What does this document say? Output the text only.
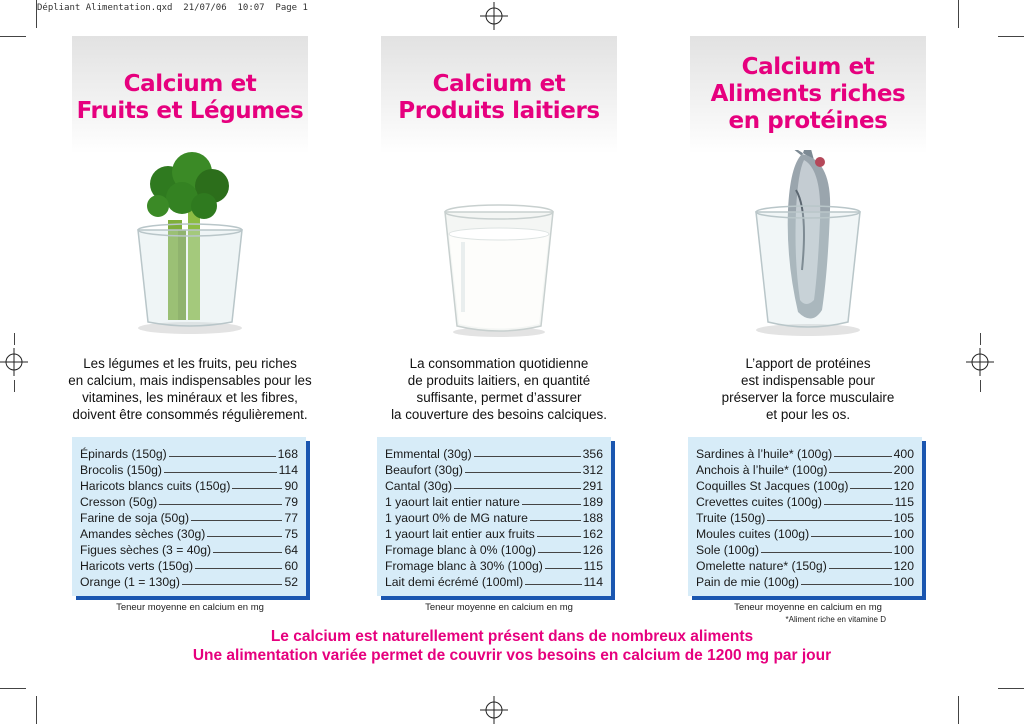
Dépliant Alimentation.qxd  21/07/06  10:07  Page 1
Calcium et
Fruits et Légumes
Les légumes et les fruits, peu riches
en calcium, mais indispensables pour les
vitamines, les minéraux et les fibres,
doivent être consommés régulièrement.
Épinards (150g)	168
Brocolis (150g)	114
Haricots blancs cuits (150g)	90
Cresson (50g)	79
Farine de soja (50g)	77
Amandes sèches (30g)	75
Figues sèches (3 = 40g)	64
Haricots verts (150g)	60
Orange (1 = 130g)	52
Teneur moyenne en calcium en mg
Calcium et
Produits laitiers
La consommation quotidienne
de produits laitiers, en quantité
suffisante, permet d’assurer
la couverture des besoins calciques.
Emmental (30g)	356
Beaufort (30g)	312
Cantal (30g)	291
1 yaourt lait entier nature	189
1 yaourt 0% de MG nature	188
1 yaourt lait entier aux fruits	162
Fromage blanc à 0% (100g)	126
Fromage blanc à 30% (100g)	115
Lait demi écrémé (100ml)	114
Teneur moyenne en calcium en mg
Calcium et
Aliments riches
en protéines
L’apport de protéines
est indispensable pour
préserver la force musculaire
et pour les os.
Sardines à l’huile* (100g)	400
Anchois à l’huile* (100g)	200
Coquilles St Jacques (100g)	120
Crevettes cuites (100g)	115
Truite (150g)	105
Moules cuites (100g)	100
Sole (100g)	100
Omelette nature* (150g)	120
Pain de mie (100g)	100
Teneur moyenne en calcium en mg
*Aliment riche en vitamine D
Le calcium est naturellement présent dans de nombreux aliments
Une alimentation variée permet de couvrir vos besoins en calcium de 1200 mg par jour
